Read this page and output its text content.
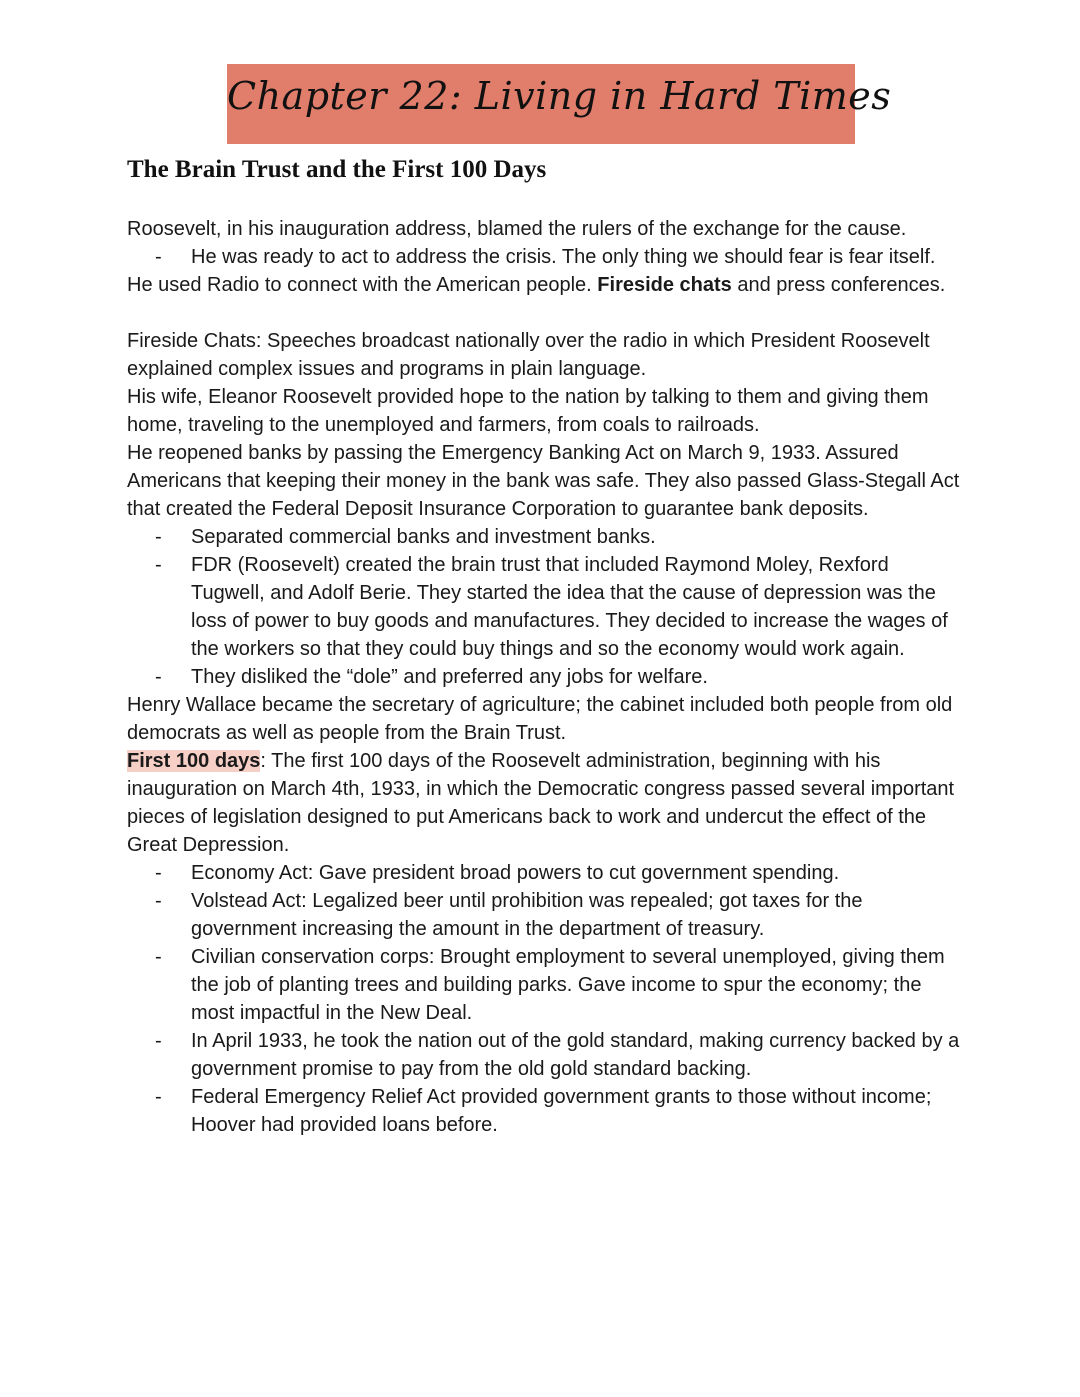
Chapter 22: Living in Hard Times
The Brain Trust and the First 100 Days

Roosevelt, in his inauguration address, blamed the rulers of the exchange for the cause.

- He was ready to act to address the crisis. The only thing we should fear is fear itself.

He used Radio to connect with the American people. Fireside chats and press conferences.

Fireside Chats: Speeches broadcast nationally over the radio in which President Roosevelt explained complex issues and programs in plain language.

His wife, Eleanor Roosevelt provided hope to the nation by talking to them and giving them home, traveling to the unemployed and farmers, from coals to railroads.

He reopened banks by passing the Emergency Banking Act on March 9, 1933. Assured Americans that keeping their money in the bank was safe. They also passed Glass-Stegall Act that created the Federal Deposit Insurance Corporation to guarantee bank deposits.

- Separated commercial banks and investment banks.

- FDR (Roosevelt) created the brain trust that included Raymond Moley, Rexford Tugwell, and Adolf Berie. They started the idea that the cause of depression was the loss of power to buy goods and manufactures. They decided to increase the wages of the workers so that they could buy things and so the economy would work again.

- They disliked the “dole” and preferred any jobs for welfare.

Henry Wallace became the secretary of agriculture; the cabinet included both people from old democrats as well as people from the Brain Trust.

First 100 days: The first 100 days of the Roosevelt administration, beginning with his inauguration on March 4th, 1933, in which the Democratic congress passed several important pieces of legislation designed to put Americans back to work and undercut the effect of the Great Depression.

- Economy Act: Gave president broad powers to cut government spending.

- Volstead Act: Legalized beer until prohibition was repealed; got taxes for the government increasing the amount in the department of treasury.

- Civilian conservation corps: Brought employment to several unemployed, giving them the job of planting trees and building parks. Gave income to spur the economy; the most impactful in the New Deal.

- In April 1933, he took the nation out of the gold standard, making currency backed by a government promise to pay from the old gold standard backing.

- Federal Emergency Relief Act provided government grants to those without income; Hoover had provided loans before.
